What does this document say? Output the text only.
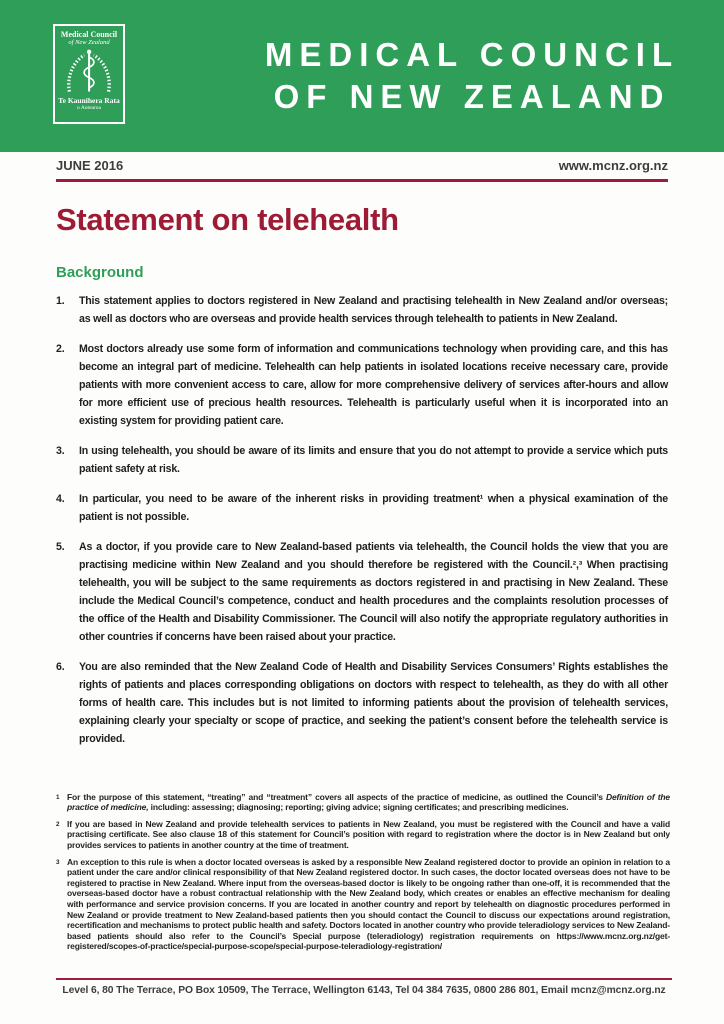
Medical Council
of New Zealand
Te Kaunihera Rata
o Aotearoa
MEDICAL COUNCIL
OF NEW ZEALAND
JUNE 2016	www.mcnz.org.nz
Statement on telehealth
Background
1.	This statement applies to doctors registered in New Zealand and practising telehealth in New Zealand and/or overseas; as well as doctors who are overseas and provide health services through telehealth to patients in New Zealand.
2.	Most doctors already use some form of information and communications technology when providing care, and this has become an integral part of medicine. Telehealth can help patients in isolated locations receive necessary care, provide patients with more convenient access to care, allow for more comprehensive delivery of services after-hours and allow for more efficient use of precious health resources. Telehealth is particularly useful when it is incorporated into an existing system for providing patient care.
3.	In using telehealth, you should be aware of its limits and ensure that you do not attempt to provide a service which puts patient safety at risk.
4.	In particular, you need to be aware of the inherent risks in providing treatment¹ when a physical examination of the patient is not possible.
5.	As a doctor, if you provide care to New Zealand-based patients via telehealth, the Council holds the view that you are practising medicine within New Zealand and you should therefore be registered with the Council.²,³ When practising telehealth, you will be subject to the same requirements as doctors registered in and practising in New Zealand. These include the Medical Council’s competence, conduct and health procedures and the complaints resolution processes of the office of the Health and Disability Commissioner. The Council will also notify the appropriate regulatory authorities in other countries if concerns have been raised about your practice.
6.	You are also reminded that the New Zealand Code of Health and Disability Services Consumers’ Rights establishes the rights of patients and places corresponding obligations on doctors with respect to telehealth, as they do with all other forms of health care. This includes but is not limited to informing patients about the provision of telehealth services, explaining clearly your specialty or scope of practice, and seeking the patient’s consent before the telehealth service is provided.
1 For the purpose of this statement, “treating” and “treatment” covers all aspects of the practice of medicine, as outlined the Council’s Definition of the practice of medicine, including: assessing; diagnosing; reporting; giving advice; signing certificates; and prescribing medicines.
2 If you are based in New Zealand and provide telehealth services to patients in New Zealand, you must be registered with the Council and have a valid practising certificate. See also clause 18 of this statement for Council’s position with regard to registration where the doctor is in New Zealand but only provides services to patients in another country at the time of treatment.
3 An exception to this rule is when a doctor located overseas is asked by a responsible New Zealand registered doctor to provide an opinion in relation to a patient under the care and/or clinical responsibility of that New Zealand registered doctor. In such cases, the doctor located overseas does not have to be registered to practise in New Zealand. Where input from the overseas-based doctor is likely to be ongoing rather than one-off, it is recommended that the overseas-based doctor have a robust contractual relationship with the New Zealand body, which creates or enables an effective mechanism for dealing with performance and service provision concerns. If you are located in another country and report by telehealth on diagnostic procedures performed in New Zealand or provide treatment to New Zealand-based patients then you should contact the Council to discuss our expectations around registration, recertification and mechanisms to protect public health and safety. Doctors located in another country who provide teleradiology services to New Zealand-based patients should also refer to the Council’s Special purpose (teleradiology) registration requirements on https://www.mcnz.org.nz/get-registered/scopes-of-practice/special-purpose-scope/special-purpose-teleradiology-registration/
Level 6, 80 The Terrace, PO Box 10509, The Terrace, Wellington 6143, Tel 04 384 7635, 0800 286 801, Email mcnz@mcnz.org.nz
